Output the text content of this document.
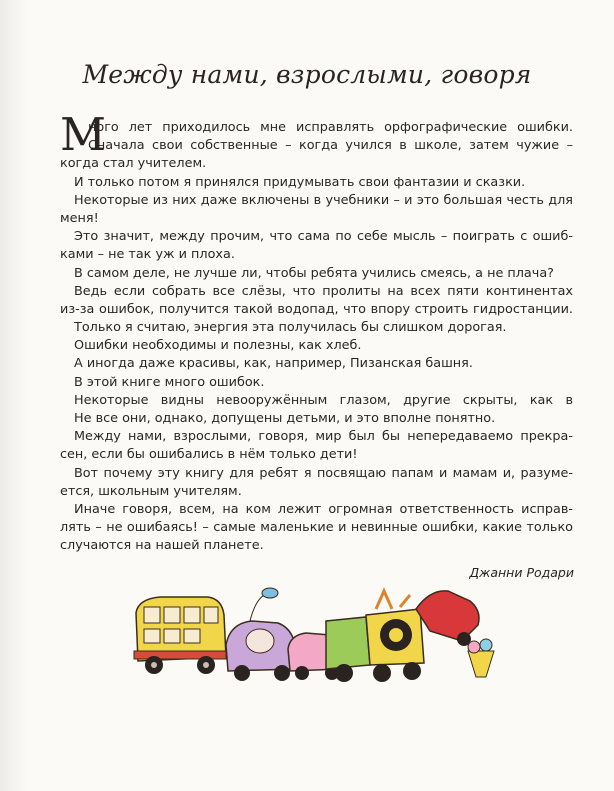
Между нами, взрослыми, говоря
М
ного лет приходилось мне исправлять орфографические ошибки.
Сначала свои собственные – когда учился в школе, затем чужие –
когда стал учителем.
И только потом я принялся придумывать свои фантазии и сказки.
Некоторые из них даже включены в учебники – и это большая честь для
меня!
Это значит, между прочим, что сама по себе мысль – поиграть с ошиб-
ками – не так уж и плоха.
В самом деле, не лучше ли, чтобы ребята учились смеясь, а не плача?
Ведь если собрать все слёзы, что пролиты на всех пяти континентах
из-за ошибок, получится такой водопад, что впору строить гидростанции.
Только я считаю, энергия эта получилась бы слишком дорогая.
Ошибки необходимы и полезны, как хлеб.
А иногда даже красивы, как, например, Пизанская башня.
В этой книге много ошибок.
Некоторые видны невооружённым глазом, другие скрыты, как в
Не все они, однако, допущены детьми, и это вполне понятно.
Между нами, взрослыми, говоря, мир был бы непередаваемо прекра-
сен, если бы ошибались в нём только дети!
Вот почему эту книгу для ребят я посвящаю папам и мамам и, разуме-
ется, школьным учителям.
Иначе говоря, всем, на ком лежит огромная ответственность исправ-
лять – не ошибаясь! – самые маленькие и невинные ошибки, какие только
случаются на нашей планете.
Джанни Родари
